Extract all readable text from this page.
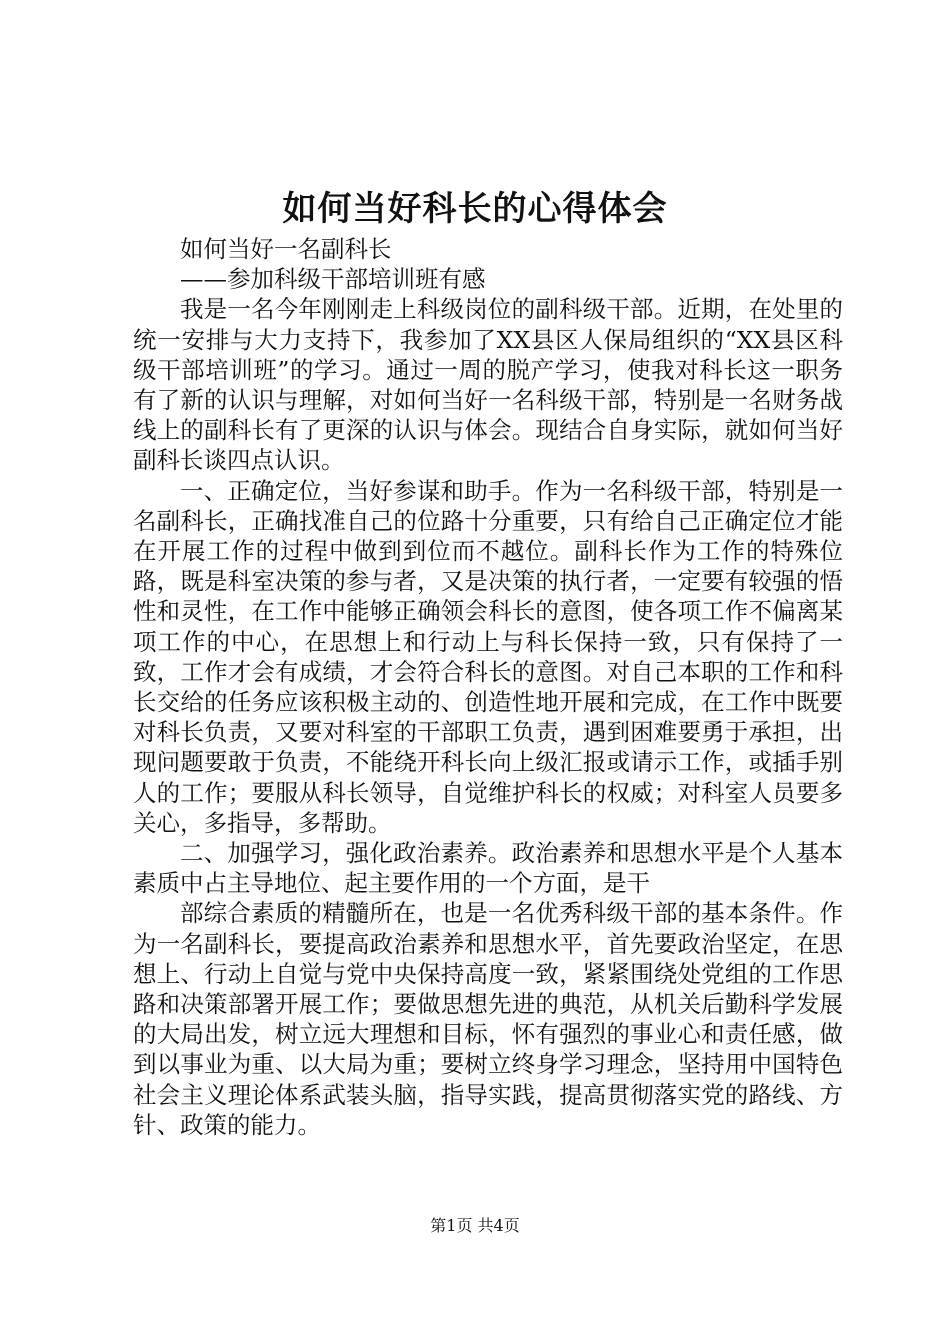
如何当好科长的心得体会

如何当好一名副科长

——参加科级干部培训班有感

我是一名今年刚刚走上科级岗位的副科级干部。近期，在处里的统一安排与大力支持下，我参加了XX县区人保局组织的“XX县区科级干部培训班”的学习。通过一周的脱产学习，使我对科长这一职务有了新的认识与理解，对如何当好一名科级干部，特别是一名财务战线上的副科长有了更深的认识与体会。现结合自身实际，就如何当好副科长谈四点认识。

一、正确定位，当好参谋和助手。作为一名科级干部，特别是一名副科长，正确找准自己的位路十分重要，只有给自己正确定位才能在开展工作的过程中做到到位而不越位。副科长作为工作的特殊位路，既是科室决策的参与者，又是决策的执行者，一定要有较强的悟性和灵性，在工作中能够正确领会科长的意图，使各项工作不偏离某项工作的中心，在思想上和行动上与科长保持一致，只有保持了一致，工作才会有成绩，才会符合科长的意图。对自己本职的工作和科长交给的任务应该积极主动的、创造性地开展和完成，在工作中既要对科长负责，又要对科室的干部职工负责，遇到困难要勇于承担，出现问题要敢于负责，不能绕开科长向上级汇报或请示工作，或插手别人的工作；要服从科长领导，自觉维护科长的权威；对科室人员要多关心，多指导，多帮助。

二、加强学习，强化政治素养。政治素养和思想水平是个人基本素质中占主导地位、起主要作用的一个方面，是干

部综合素质的精髓所在，也是一名优秀科级干部的基本条件。作为一名副科长，要提高政治素养和思想水平，首先要政治坚定，在思想上、行动上自觉与党中央保持高度一致，紧紧围绕处党组的工作思路和决策部署开展工作；要做思想先进的典范，从机关后勤科学发展的大局出发，树立远大理想和目标，怀有强烈的事业心和责任感，做到以事业为重、以大局为重；要树立终身学习理念，坚持用中国特色社会主义理论体系武装头脑，指导实践，提高贯彻落实党的路线、方针、政策的能力。

第1页 共4页
